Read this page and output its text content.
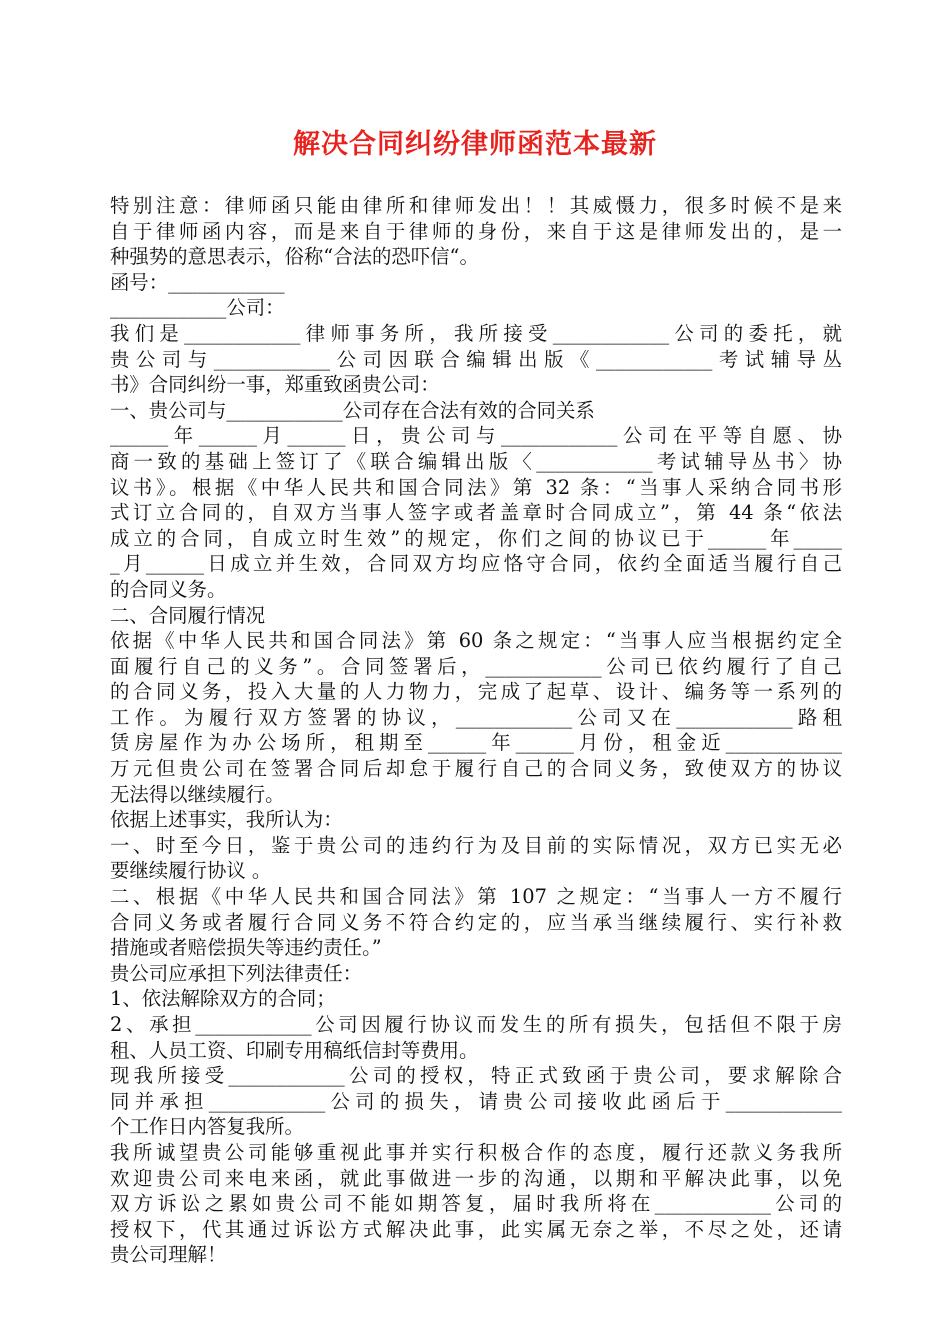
解决合同纠纷律师函范本最新
特别注意：律师函只能由律所和律师发出！！其威慑力，很多时候不是来
自于律师函内容，而是来自于律师的身份，来自于这是律师发出的，是一
种强势的意思表示，俗称“合法的恐吓信“。
函号：____________
____________公司：
我们是____________律师事务所，我所接受____________公司的委托，就
贵公司与____________公司因联合编辑出版《____________考试辅导丛
书》合同纠纷一事，郑重致函贵公司：
一、贵公司与____________公司存在合法有效的合同关系
______年______月______日，贵公司与____________公司在平等自愿、协
商一致的基础上签订了《联合编辑出版〈____________考试辅导丛书〉协
议书》。根据《中华人民共和国合同法》第 32 条：“当事人采纳合同书形
式订立合同的，自双方当事人签字或者盖章时合同成立”，第 44 条“依法
成立的合同，自成立时生效”的规定，你们之间的协议已于______年_____
_月______日成立并生效，合同双方均应恪守合同，依约全面适当履行自己
的合同义务。
二、合同履行情况
依据《中华人民共和国合同法》第 60 条之规定：“当事人应当根据约定全
面履行自己的义务”。合同签署后，____________公司已依约履行了自己
的合同义务，投入大量的人力物力，完成了起草、设计、编务等一系列的
工作。为履行双方签署的协议，____________公司又在____________路租
赁房屋作为办公场所，租期至______年______月份，租金近____________
万元但贵公司在签署合同后却怠于履行自己的合同义务，致使双方的协议
无法得以继续履行。
依据上述事实，我所认为：
一、时至今日，鉴于贵公司的违约行为及目前的实际情况，双方已实无必
要继续履行协议 。
二、根据《中华人民共和国合同法》第 107 之规定：“当事人一方不履行
合同义务或者履行合同义务不符合约定的，应当承当继续履行、实行补救
措施或者赔偿损失等违约责任。”
贵公司应承担下列法律责任：
1、依法解除双方的合同；
2、承担____________公司因履行协议而发生的所有损失，包括但不限于房
租、人员工资、印刷专用稿纸信封等费用。
现我所接受____________公司的授权，特正式致函于贵公司，要求解除合
同并承担____________公司的损失，请贵公司接收此函后于____________
个工作日内答复我所。
我所诚望贵公司能够重视此事并实行积极合作的态度，履行还款义务我所
欢迎贵公司来电来函，就此事做进一步的沟通，以期和平解决此事，以免
双方诉讼之累如贵公司不能如期答复，届时我所将在____________公司的
授权下，代其通过诉讼方式解决此事，此实属无奈之举，不尽之处，还请
贵公司理解！
